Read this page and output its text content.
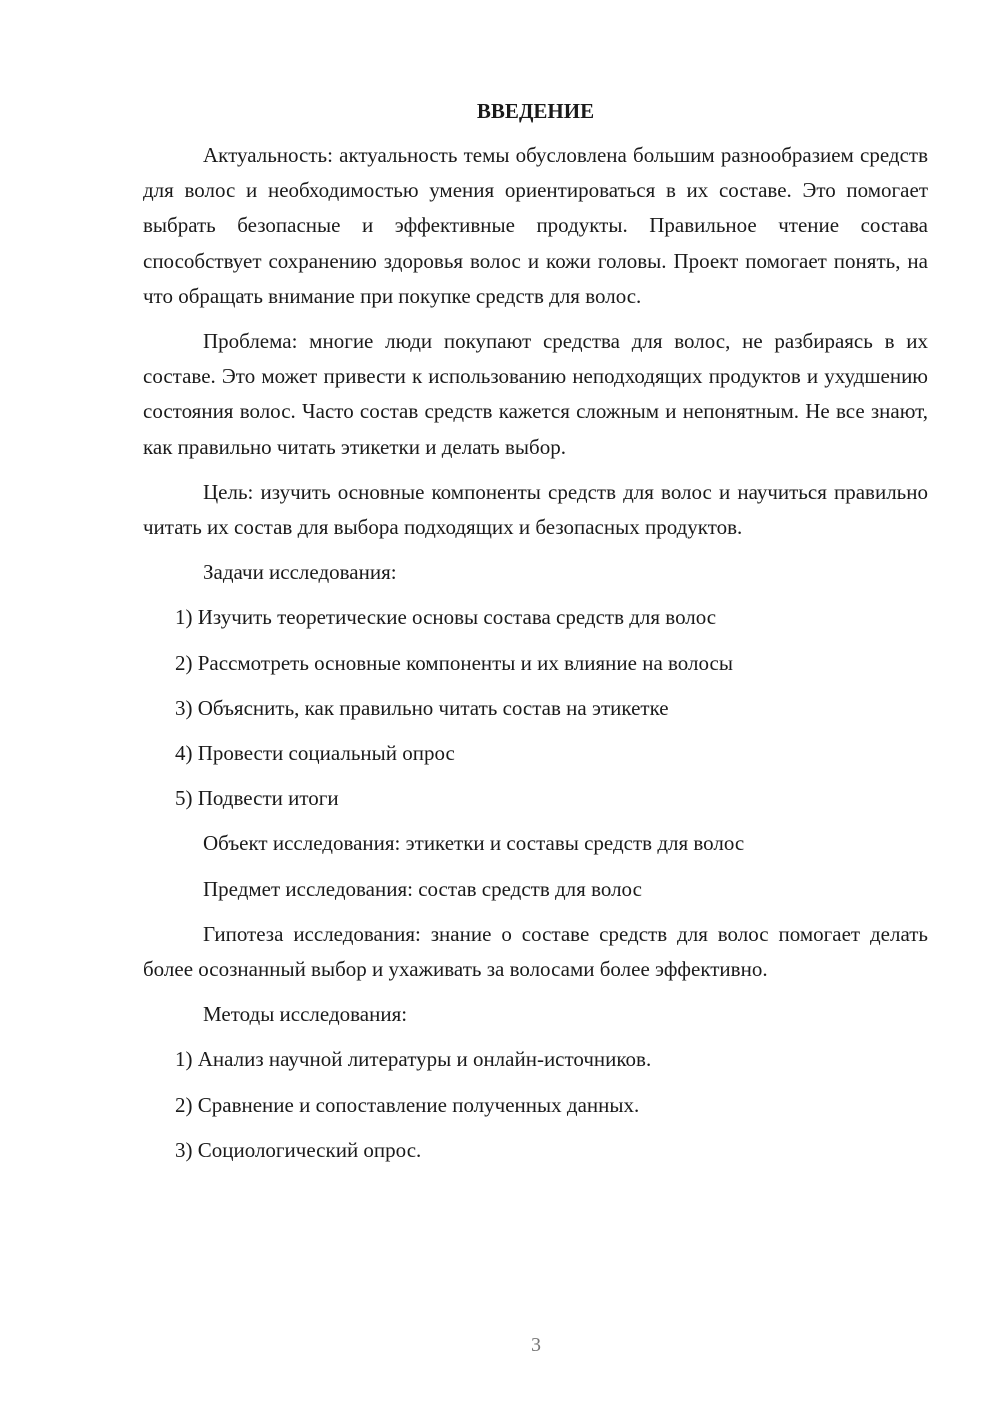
ВВЕДЕНИЕ

Актуальность: актуальность темы обусловлена большим разнообразием средств для волос и необходимостью умения ориентироваться в их составе. Это помогает выбрать безопасные и эффективные продукты. Правильное чтение состава способствует сохранению здоровья волос и кожи головы. Проект помогает понять, на что обращать внимание при покупке средств для волос.

Проблема: многие люди покупают средства для волос, не разбираясь в их составе. Это может привести к использованию неподходящих продуктов и ухудшению состояния волос. Часто состав средств кажется сложным и непонятным. Не все знают, как правильно читать этикетки и делать выбор.

Цель: изучить основные компоненты средств для волос и научиться правильно читать их состав для выбора подходящих и безопасных продуктов.

Задачи исследования:
1) Изучить теоретические основы состава средств для волос
2) Рассмотреть основные компоненты и их влияние на волосы
3) Объяснить, как правильно читать состав на этикетке
4) Провести социальный опрос
5) Подвести итоги
Объект исследования: этикетки и составы средств для волос
Предмет исследования: состав средств для волос

Гипотеза исследования: знание о составе средств для волос помогает делать более осознанный выбор и ухаживать за волосами более эффективно.

Методы исследования:
1) Анализ научной литературы и онлайн-источников.
2) Сравнение и сопоставление полученных данных.
3) Социологический опрос.
3
